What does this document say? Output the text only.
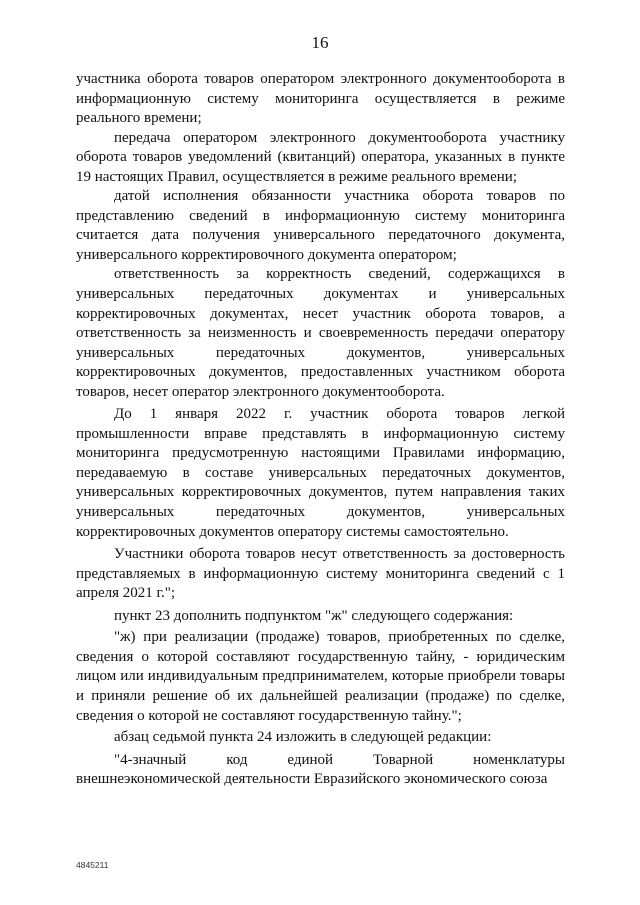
16

участника оборота товаров оператором электронного документооборота в информационную систему мониторинга осуществляется в режиме реального времени;

передача оператором электронного документооборота участнику оборота товаров уведомлений (квитанций) оператора, указанных в пункте 19 настоящих Правил, осуществляется в режиме реального времени;

датой исполнения обязанности участника оборота товаров по представлению сведений в информационную систему мониторинга считается дата получения универсального передаточного документа, универсального корректировочного документа оператором;

ответственность за корректность сведений, содержащихся в универсальных передаточных документах и универсальных корректировочных документах, несет участник оборота товаров, а ответственность за неизменность и своевременность передачи оператору универсальных передаточных документов, универсальных корректировочных документов, предоставленных участником оборота товаров, несет оператор электронного документооборота.

До 1 января 2022 г. участник оборота товаров легкой промышленности вправе представлять в информационную систему мониторинга предусмотренную настоящими Правилами информацию, передаваемую в составе универсальных передаточных документов, универсальных корректировочных документов, путем направления таких универсальных передаточных документов, универсальных корректировочных документов оператору системы самостоятельно.

Участники оборота товаров несут ответственность за достоверность представляемых в информационную систему мониторинга сведений с 1 апреля 2021 г.";

пункт 23 дополнить подпунктом "ж" следующего содержания:

"ж) при реализации (продаже) товаров, приобретенных по сделке, сведения о которой составляют государственную тайну, - юридическим лицом или индивидуальным предпринимателем, которые приобрели товары и приняли решение об их дальнейшей реализации (продаже) по сделке, сведения о которой не составляют государственную тайну.";

абзац седьмой пункта 24 изложить в следующей редакции:

"4-значный код единой Товарной номенклатуры внешнеэкономической деятельности Евразийского экономического союза

4845211
